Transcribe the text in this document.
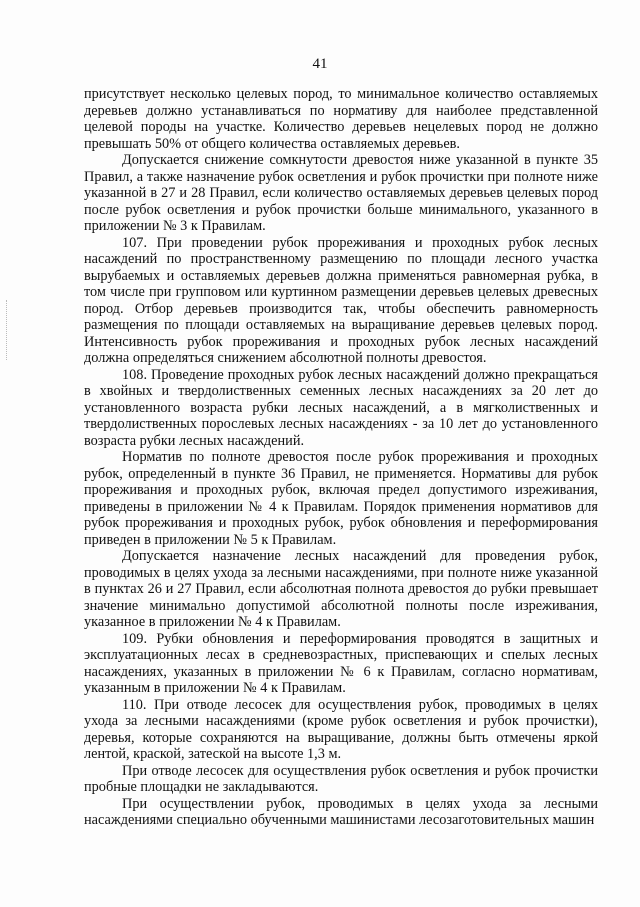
41

присутствует несколько целевых пород, то минимальное количество оставляемых деревьев должно устанавливаться по нормативу для наиболее представленной целевой породы на участке. Количество деревьев нецелевых пород не должно превышать 50% от общего количества оставляемых деревьев.

Допускается снижение сомкнутости древостоя ниже указанной в пункте 35 Правил, а также назначение рубок осветления и рубок прочистки при полноте ниже указанной в 27 и 28 Правил, если количество оставляемых деревьев целевых пород после рубок осветления и рубок прочистки больше минимального, указанного в приложении № 3 к Правилам.

107. При проведении рубок прореживания и проходных рубок лесных насаждений по пространственному размещению по площади лесного участка вырубаемых и оставляемых деревьев должна применяться равномерная рубка, в том числе при групповом или куртинном размещении деревьев целевых древесных пород. Отбор деревьев производится так, чтобы обеспечить равномерность размещения по площади оставляемых на выращивание деревьев целевых пород. Интенсивность рубок прореживания и проходных рубок лесных насаждений должна определяться снижением абсолютной полноты древостоя.

108. Проведение проходных рубок лесных насаждений должно прекращаться в хвойных и твердолиственных семенных лесных насаждениях за 20 лет до установленного возраста рубки лесных насаждений, а в мягколиственных и твердолиственных порослевых лесных насаждениях - за 10 лет до установленного возраста рубки лесных насаждений.

Норматив по полноте древостоя после рубок прореживания и проходных рубок, определенный в пункте 36 Правил, не применяется. Нормативы для рубок прореживания и проходных рубок, включая предел допустимого изреживания, приведены в приложении № 4 к Правилам. Порядок применения нормативов для рубок прореживания и проходных рубок, рубок обновления и переформирования приведен в приложении № 5 к Правилам.

Допускается назначение лесных насаждений для проведения рубок, проводимых в целях ухода за лесными насаждениями, при полноте ниже указанной в пунктах 26 и 27 Правил, если абсолютная полнота древостоя до рубки превышает значение минимально допустимой абсолютной полноты после изреживания, указанное в приложении № 4 к Правилам.

109. Рубки обновления и переформирования проводятся в защитных и эксплуатационных лесах в средневозрастных, приспевающих и спелых лесных насаждениях, указанных в приложении № 6 к Правилам, согласно нормативам, указанным в приложении № 4 к Правилам.

110. При отводе лесосек для осуществления рубок, проводимых в целях ухода за лесными насаждениями (кроме рубок осветления и рубок прочистки), деревья, которые сохраняются на выращивание, должны быть отмечены яркой лентой, краской, затеской на высоте 1,3 м.

При отводе лесосек для осуществления рубок осветления и рубок прочистки пробные площадки не закладываются.

При осуществлении рубок, проводимых в целях ухода за лесными насаждениями специально обученными машинистами лесозаготовительных машин
